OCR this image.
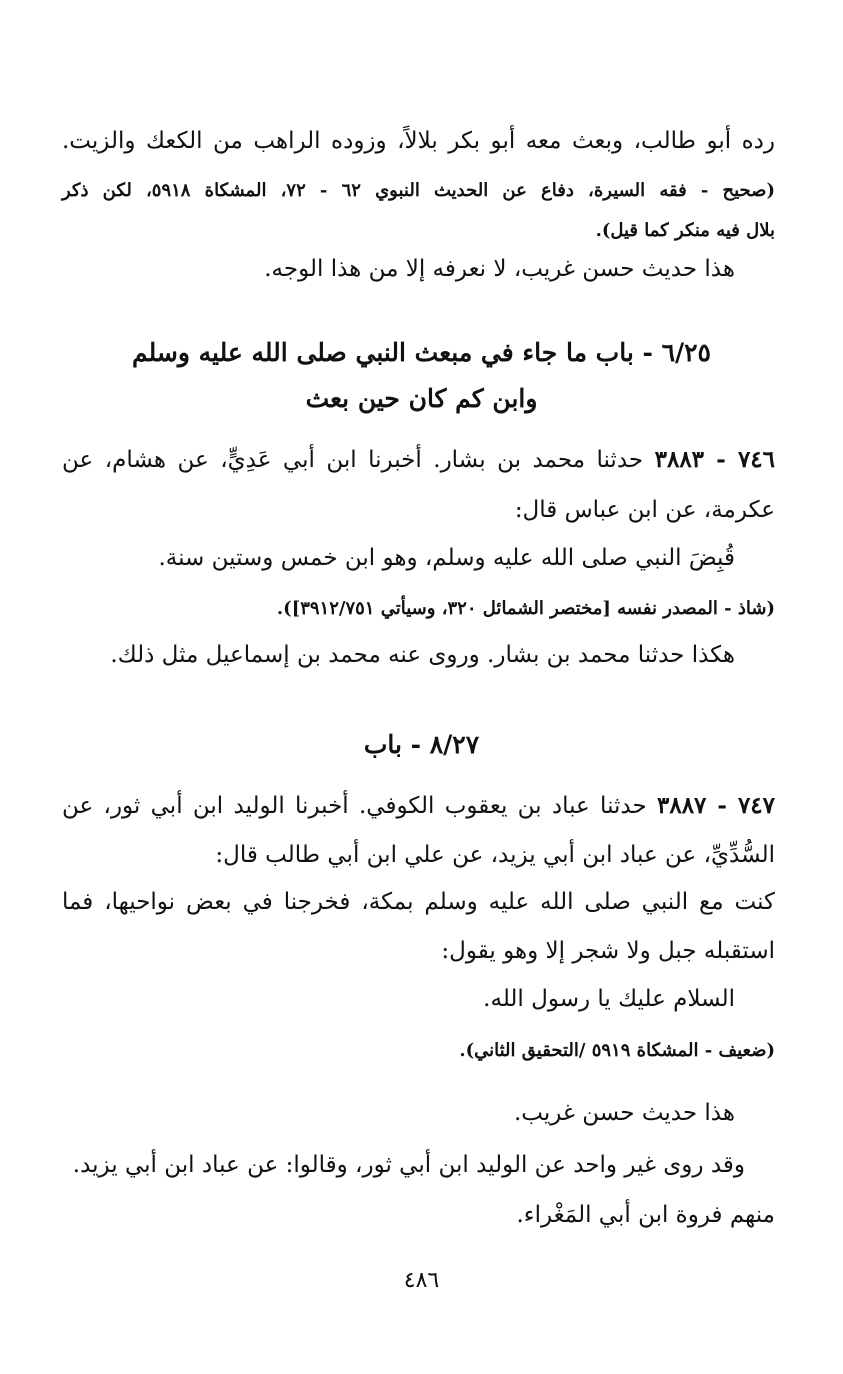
رده أبو طالب، وبعث معه أبو بكر بلالاً، وزوده الراهب من الكعك والزيت.
(صحيح - فقه السيرة، دفاع عن الحديث النبوي ٦٢ - ٧٢، المشكاة ٥٩١٨، لكن ذكر
بلال فيه منكر كما قيل).
هذا حديث حسن غريب، لا نعرفه إلا من هذا الوجه.
٦/٢٥ - باب ما جاء في مبعث النبي صلى الله عليه وسلم
وابن كم كان حين بعث
٧٤٦ - ٣٨٨٣ حدثنا محمد بن بشار. أخبرنا ابن أبي عَدِيٍّ، عن هشام، عن
عكرمة، عن ابن عباس قال:
قُبِضَ النبي صلى الله عليه وسلم، وهو ابن خمس وستين سنة.
(شاذ - المصدر نفسه [مختصر الشمائل ٣٢٠، وسيأتي ٣٩١٢/٧٥١]).
هكذا حدثنا محمد بن بشار. وروى عنه محمد بن إسماعيل مثل ذلك.
٨/٢٧ - باب
٧٤٧ - ٣٨٨٧ حدثنا عباد بن يعقوب الكوفي. أخبرنا الوليد ابن أبي ثور، عن
السُّدِّيِّ، عن عباد ابن أبي يزيد، عن علي ابن أبي طالب قال:
كنت مع النبي صلى الله عليه وسلم بمكة، فخرجنا في بعض نواحيها، فما
استقبله جبل ولا شجر إلا وهو يقول:
السلام عليك يا رسول الله.
(ضعيف - المشكاة ٥٩١٩ /التحقيق الثاني).
هذا حديث حسن غريب.
وقد روى غير واحد عن الوليد ابن أبي ثور، وقالوا: عن عباد ابن أبي يزيد.
منهم فروة ابن أبي المَغْراء.
٤٨٦
